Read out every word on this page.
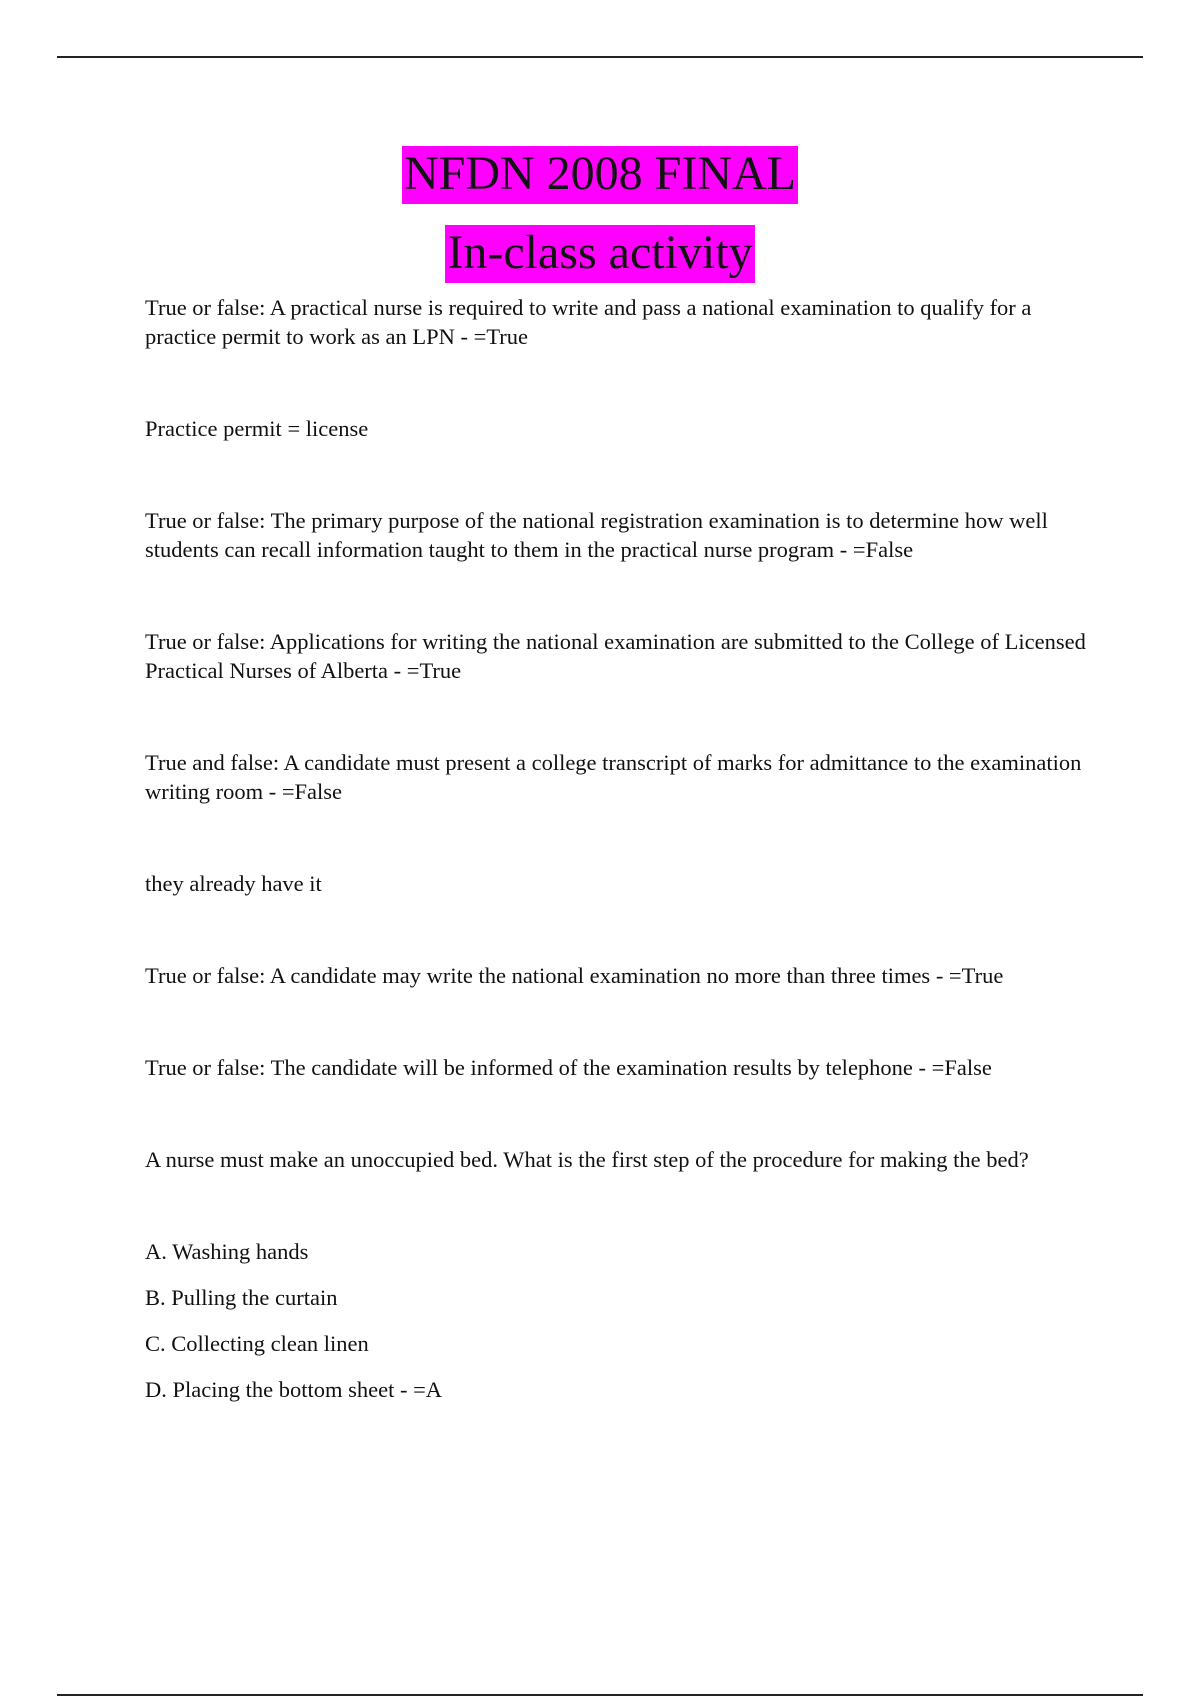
NFDN 2008 FINAL
In-class activity

True or false: A practical nurse is required to write and pass a national examination to qualify for a practice permit to work as an LPN - =True

Practice permit = license

True or false: The primary purpose of the national registration examination is to determine how well students can recall information taught to them in the practical nurse program - =False

True or false: Applications for writing the national examination are submitted to the College of Licensed Practical Nurses of Alberta - =True

True and false: A candidate must present a college transcript of marks for admittance to the examination writing room - =False

they already have it

True or false: A candidate may write the national examination no more than three times - =True

True or false: The candidate will be informed of the examination results by telephone - =False

A nurse must make an unoccupied bed. What is the first step of the procedure for making the bed?

A. Washing hands

B. Pulling the curtain

C. Collecting clean linen

D. Placing the bottom sheet - =A
